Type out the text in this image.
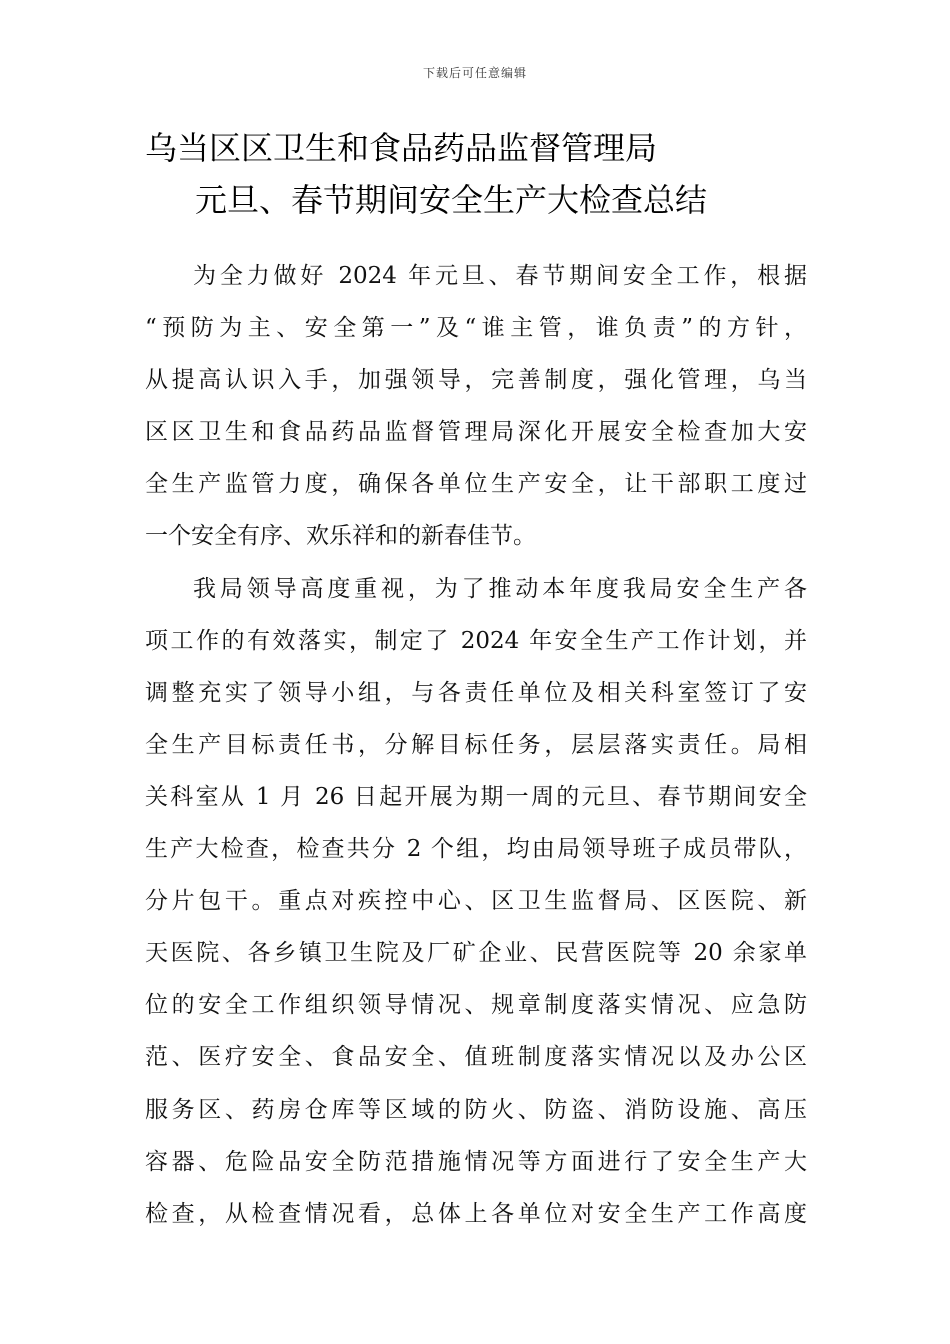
下载后可任意编辑
乌当区区卫生和食品药品监督管理局
元旦、春节期间安全生产大检查总结
为全力做好 2024 年元旦、春节期间安全工作，根据
“预防为主、安全第一”及“谁主管，谁负责”的方针，
从提高认识入手，加强领导，完善制度，强化管理，乌当
区区卫生和食品药品监督管理局深化开展安全检查加大安
全生产监管力度，确保各单位生产安全，让干部职工度过
一个安全有序、欢乐祥和的新春佳节。
我局领导高度重视，为了推动本年度我局安全生产各
项工作的有效落实，制定了 2024 年安全生产工作计划，并
调整充实了领导小组，与各责任单位及相关科室签订了安
全生产目标责任书，分解目标任务，层层落实责任。局相
关科室从 1 月 26 日起开展为期一周的元旦、春节期间安全
生产大检查，检查共分 2 个组，均由局领导班子成员带队，
分片包干。重点对疾控中心、区卫生监督局、区医院、新
天医院、各乡镇卫生院及厂矿企业、民营医院等 20 余家单
位的安全工作组织领导情况、规章制度落实情况、应急防
范、医疗安全、食品安全、值班制度落实情况以及办公区
服务区、药房仓库等区域的防火、防盗、消防设施、高压
容器、危险品安全防范措施情况等方面进行了安全生产大
检查，从检查情况看，总体上各单位对安全生产工作高度
